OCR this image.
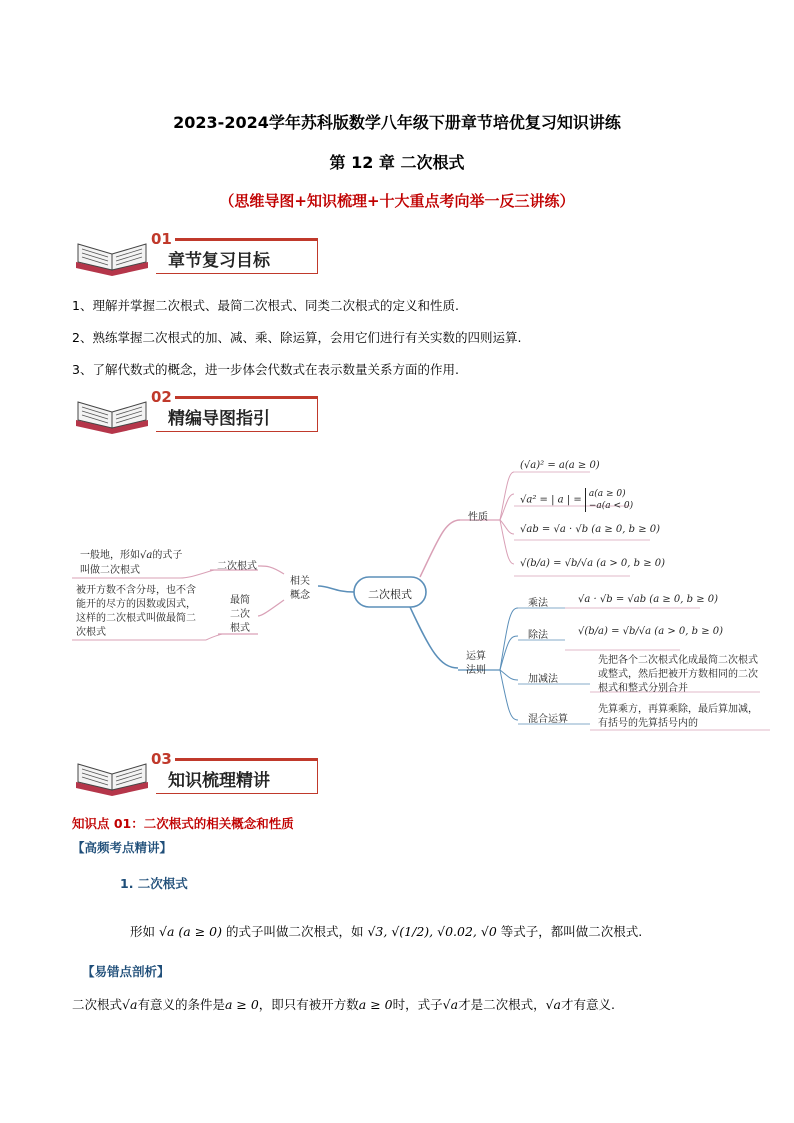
2023-2024学年苏科版数学八年级下册章节培优复习知识讲练
第 12 章 二次根式
（思维导图+知识梳理+十大重点考向举一反三讲练）
01
章节复习目标
1、理解并掌握二次根式、最简二次根式、同类二次根式的定义和性质.
2、熟练掌握二次根式的加、减、乘、除运算，会用它们进行有关实数的四则运算.
3、了解代数式的概念，进一步体会代数式在表示数量关系方面的作用.
02
精编导图指引
二次根式
相关
概念
二次根式
一般地，形如√a的式子
叫做二次根式
最简
二次
根式
被开方数不含分母，也不含
能开的尽方的因数或因式，
这样的二次根式叫做最简二
次根式
性质
(√a)² = a(a ≥ 0)
√a² = | a | = a(a ≥ 0)
−a(a < 0)
√ab = √a · √b (a ≥ 0, b ≥ 0)
√(b/a) = √b/√a (a > 0, b ≥ 0)
运算
法则
乘法	√a · √b = √ab (a ≥ 0, b ≥ 0)
除法	√(b/a) = √b/√a (a > 0, b ≥ 0)
加减法
先把各个二次根式化成最简二次根式
或整式，然后把被开方数相同的二次
根式和整式分别合并
混合运算
先算乘方，再算乘除，最后算加减，
有括号的先算括号内的
03
知识梳理精讲
知识点 01：二次根式的相关概念和性质
【高频考点精讲】
1. 二次根式
形如 √a (a ≥ 0) 的式子叫做二次根式，如 √3, √(1/2), √0.02, √0 等式子，都叫做二次根式.
【易错点剖析】
二次根式√a有意义的条件是a ≥ 0，即只有被开方数a ≥ 0时，式子√a才是二次根式，√a才有意义.
